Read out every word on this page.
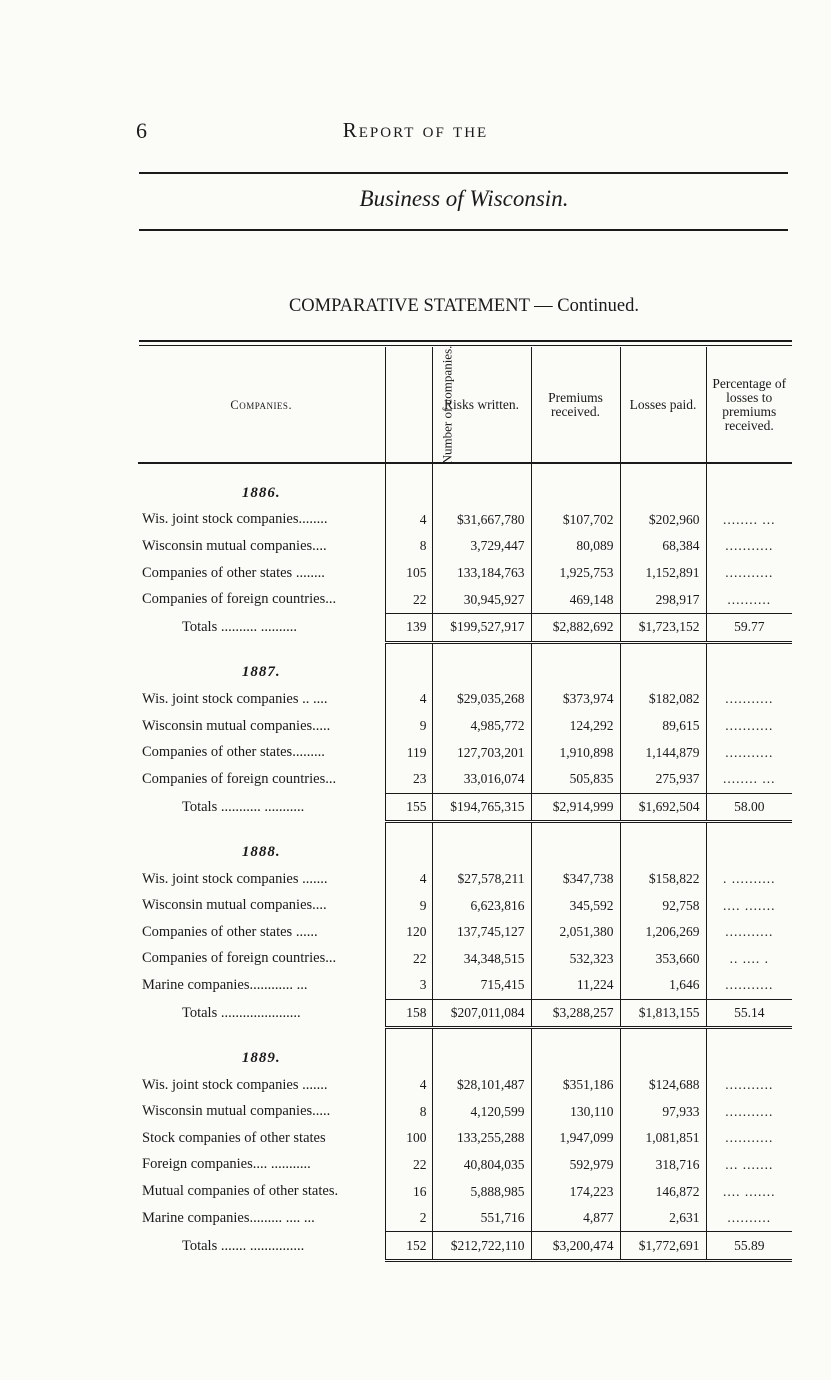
6	Report of the
Business of Wisconsin.
COMPARATIVE STATEMENT — Continued.
Companies.	Number of companies.	Risks written.	Premiums received.	Losses paid.	Percentage of losses to premiums received.

1886.					
Wis. joint stock companies........	4	$31,667,780	$107,702	$202,960	........ ...
Wisconsin mutual companies....	8	3,729,447	80,089	68,384	...........
Companies of other states ........	105	133,184,763	1,925,753	1,152,891	...........
Companies of foreign countries...	22	30,945,927	469,148	298,917	..........
Totals .......... ..........	139	$199,527,917	$2,882,692	$1,723,152	59.77

1887.					
Wis. joint stock companies .. ....	4	$29,035,268	$373,974	$182,082	...........
Wisconsin mutual companies.....	9	4,985,772	124,292	89,615	...........
Companies of other states.........	119	127,703,201	1,910,898	1,144,879	...........
Companies of foreign countries...	23	33,016,074	505,835	275,937	........ ...
Totals ........... ...........	155	$194,765,315	$2,914,999	$1,692,504	58.00

1888.					
Wis. joint stock companies .......	4	$27,578,211	$347,738	$158,822	. ..........
Wisconsin mutual companies....	9	6,623,816	345,592	92,758	.... .......
Companies of other states ......	120	137,745,127	2,051,380	1,206,269	...........
Companies of foreign countries...	22	34,348,515	532,323	353,660	.. .... .
Marine companies............ ...	3	715,415	11,224	1,646	...........
Totals ......................	158	$207,011,084	$3,288,257	$1,813,155	55.14

1889.					
Wis. joint stock companies .......	4	$28,101,487	$351,186	$124,688	...........
Wisconsin mutual companies.....	8	4,120,599	130,110	97,933	...........
Stock companies of other states	100	133,255,288	1,947,099	1,081,851	...........
Foreign companies.... ...........	22	40,804,035	592,979	318,716	... .......
Mutual companies of other states.	16	5,888,985	174,223	146,872	.... .......
Marine companies......... .... ...	2	551,716	4,877	2,631	..........
Totals ....... ...............	152	$212,722,110	$3,200,474	$1,772,691	55.89
